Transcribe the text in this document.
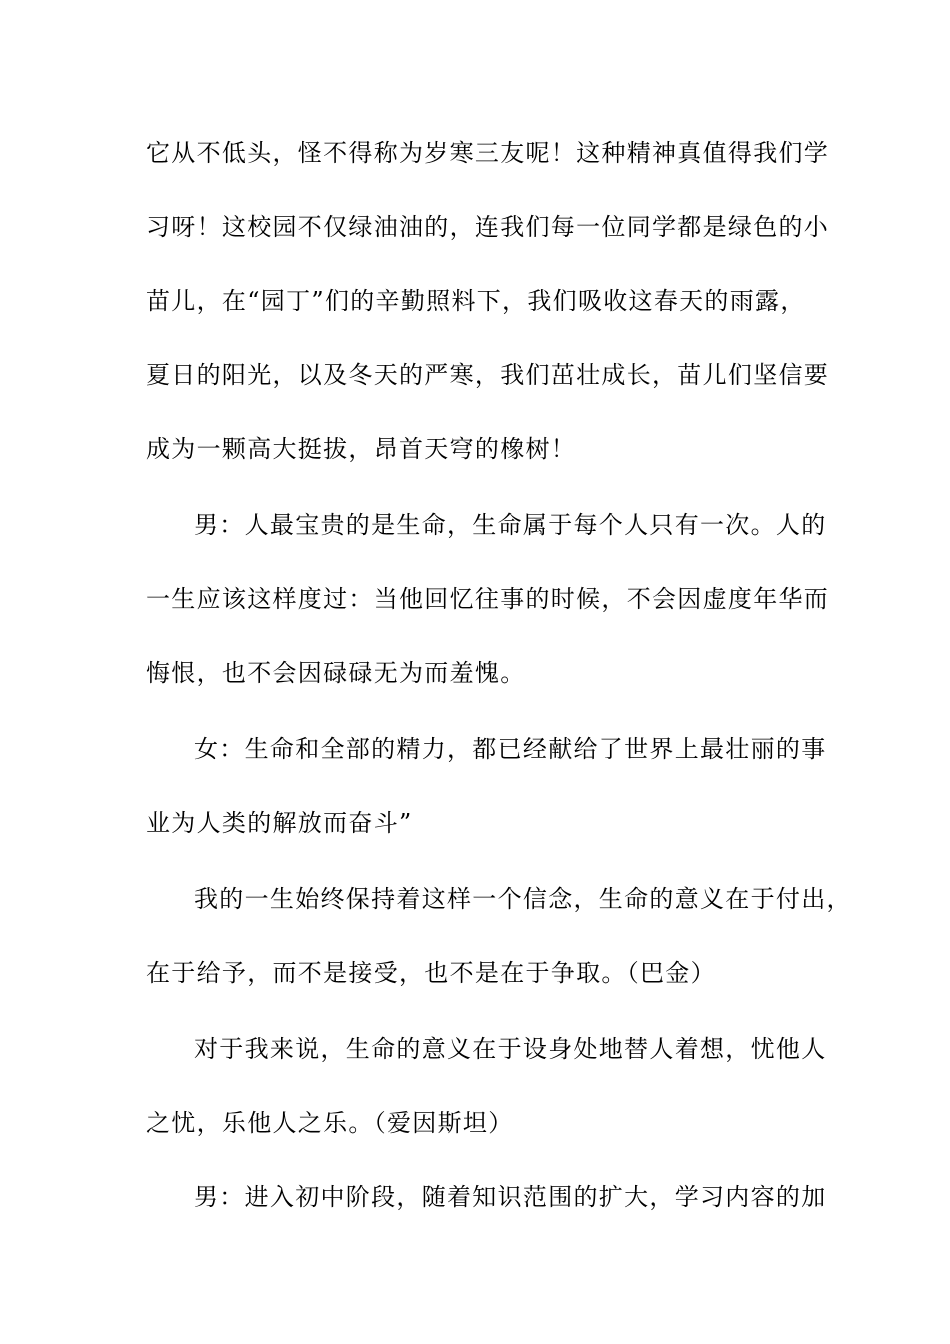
它从不低头，怪不得称为岁寒三友呢！这种精神真值得我们学
习呀！这校园不仅绿油油的，连我们每一位同学都是绿色的小
苗儿，在“园丁”们的辛勤照料下，我们吸收这春天的雨露，
夏日的阳光，以及冬天的严寒，我们茁壮成长，苗儿们坚信要
成为一颗高大挺拔，昂首天穹的橡树！
男：人最宝贵的是生命，生命属于每个人只有一次。人的
一生应该这样度过：当他回忆往事的时候，不会因虚度年华而
悔恨，也不会因碌碌无为而羞愧。
女：生命和全部的精力，都已经献给了世界上最壮丽的事
业为人类的解放而奋斗”
我的一生始终保持着这样一个信念，生命的意义在于付出，
在于给予，而不是接受，也不是在于争取。（巴金）
对于我来说，生命的意义在于设身处地替人着想，忧他人
之忧，乐他人之乐。（爱因斯坦）
男：进入初中阶段，随着知识范围的扩大，学习内容的加
